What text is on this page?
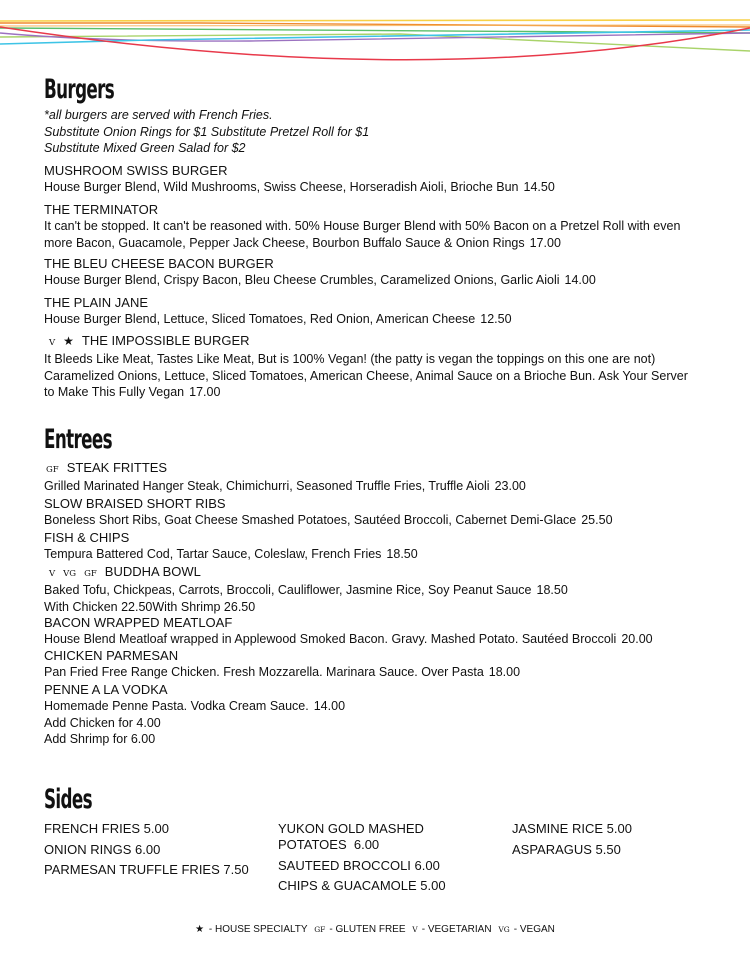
Burgers
*all burgers are served with French Fries.
Substitute Onion Rings for $1 Substitute Pretzel Roll for $1
Substitute Mixed Green Salad for $2
MUSHROOM SWISS BURGER
House Burger Blend, Wild Mushrooms, Swiss Cheese, Horseradish Aioli, Brioche Bun 14.50
THE TERMINATOR
It can't be stopped. It can't be reasoned with. 50% House Burger Blend with 50% Bacon on a Pretzel Roll with even
more Bacon, Guacamole, Pepper Jack Cheese, Bourbon Buffalo Sauce & Onion Rings 17.00
THE BLEU CHEESE BACON BURGER
House Burger Blend, Crispy Bacon, Bleu Cheese Crumbles, Caramelized Onions, Garlic Aioli 14.00
THE PLAIN JANE
House Burger Blend, Lettuce, Sliced Tomatoes, Red Onion, American Cheese 12.50
V ★ THE IMPOSSIBLE BURGER
It Bleeds Like Meat, Tastes Like Meat, But is 100% Vegan! (the patty is vegan the toppings on this one are not)
Caramelized Onions, Lettuce, Sliced Tomatoes, American Cheese, Animal Sauce on a Brioche Bun. Ask Your Server
to Make This Fully Vegan 17.00
Entrees
GF STEAK FRITTES
Grilled Marinated Hanger Steak, Chimichurri, Seasoned Truffle Fries, Truffle Aioli 23.00
SLOW BRAISED SHORT RIBS
Boneless Short Ribs, Goat Cheese Smashed Potatoes, Sautéed Broccoli, Cabernet Demi-Glace 25.50
FISH & CHIPS
Tempura Battered Cod, Tartar Sauce, Coleslaw, French Fries 18.50
V VG GF BUDDHA BOWL
Baked Tofu, Chickpeas, Carrots, Broccoli, Cauliflower, Jasmine Rice, Soy Peanut Sauce 18.50
With Chicken 22.50With Shrimp 26.50
BACON WRAPPED MEATLOAF
House Blend Meatloaf wrapped in Applewood Smoked Bacon. Gravy. Mashed Potato. Sautéed Broccoli 20.00
CHICKEN PARMESAN
Pan Fried Free Range Chicken. Fresh Mozzarella. Marinara Sauce. Over Pasta 18.00
PENNE A LA VODKA
Homemade Penne Pasta. Vodka Cream Sauce. 14.00
Add Chicken for 4.00
Add Shrimp for 6.00
Sides
FRENCH FRIES 5.00
ONION RINGS 6.00
PARMESAN TRUFFLE FRIES 7.50
YUKON GOLD MASHED
POTATOES  6.00
SAUTEED BROCCOLI 6.00
CHIPS & GUACAMOLE 5.00
JASMINE RICE 5.00
ASPARAGUS 5.50
★ - HOUSE SPECIALTY GF - GLUTEN FREE V - VEGETARIAN VG - VEGAN
